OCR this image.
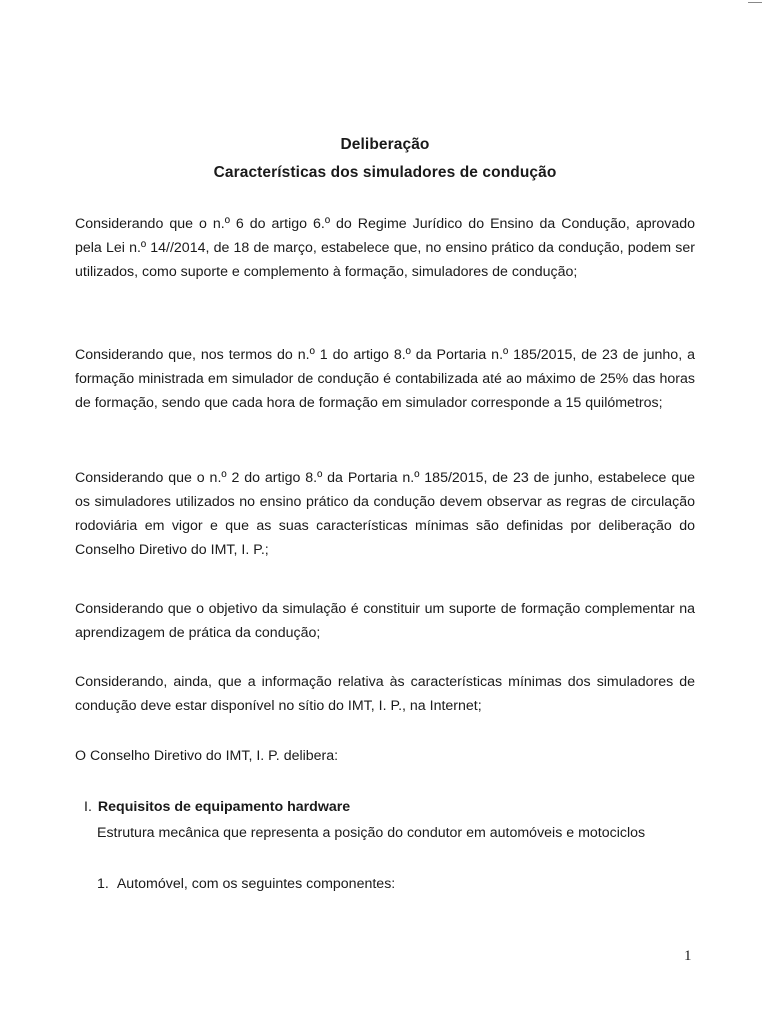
Deliberação
Características dos simuladores de condução
Considerando que o n.º 6 do artigo 6.º do Regime Jurídico do Ensino da Condução, aprovado pela Lei n.º 14//2014, de 18 de março, estabelece que, no ensino prático da condução, podem ser utilizados, como suporte e complemento à formação, simuladores de condução;
Considerando que, nos termos do n.º 1 do artigo 8.º da Portaria n.º 185/2015, de 23 de junho, a formação ministrada em simulador de condução é contabilizada até ao máximo de 25% das horas de formação, sendo que cada hora de formação em simulador corresponde a 15 quilómetros;
Considerando que o n.º 2 do artigo 8.º da Portaria n.º 185/2015, de 23 de junho, estabelece que os simuladores utilizados no ensino prático da condução devem observar as regras de circulação rodoviária em vigor e que as suas características mínimas são definidas por deliberação do Conselho Diretivo do IMT, I. P.;
Considerando que o objetivo da simulação é constituir um suporte de formação complementar na aprendizagem de prática da condução;
Considerando, ainda, que a informação relativa às características mínimas dos simuladores de condução deve estar disponível no sítio do IMT, I. P., na Internet;
O Conselho Diretivo do IMT, I. P. delibera:
I. Requisitos de equipamento hardware
Estrutura mecânica que representa a posição do condutor em automóveis e motociclos
1. Automóvel, com os seguintes componentes:
1
